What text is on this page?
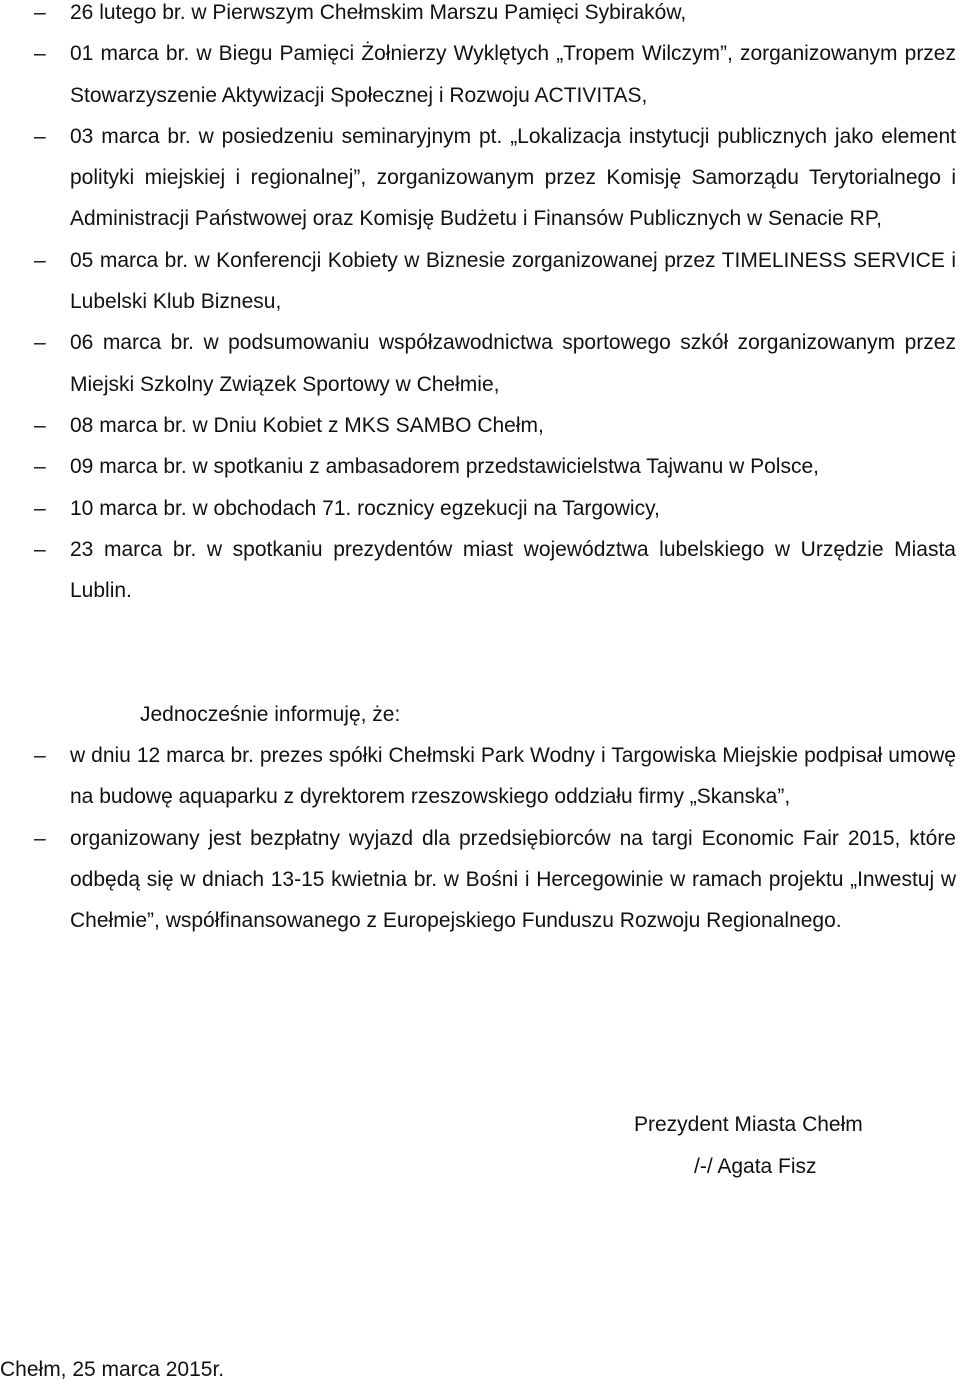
–	26 lutego br. w Pierwszym Chełmskim Marszu Pamięci Sybiraków,
–	01 marca br. w Biegu Pamięci Żołnierzy Wyklętych „Tropem Wilczym”, zorganizowanym przez Stowarzyszenie Aktywizacji Społecznej i Rozwoju ACTIVITAS,
–	03 marca br. w posiedzeniu seminaryjnym pt. „Lokalizacja instytucji publicznych jako element polityki miejskiej i regionalnej”, zorganizowanym przez Komisję Samorządu Terytorialnego i Administracji Państwowej oraz Komisję Budżetu i Finansów Publicznych w Senacie RP,
–	05 marca br. w Konferencji Kobiety w Biznesie zorganizowanej przez TIMELINESS SERVICE i Lubelski Klub Biznesu,
–	06 marca br. w podsumowaniu współzawodnictwa sportowego szkół zorganizowanym przez Miejski Szkolny Związek Sportowy w Chełmie,
–	08 marca br. w Dniu Kobiet z MKS SAMBO Chełm,
–	09 marca br. w spotkaniu z ambasadorem przedstawicielstwa Tajwanu w Polsce,
–	10 marca br. w obchodach 71. rocznicy egzekucji na Targowicy,
–	23 marca br. w spotkaniu prezydentów miast województwa lubelskiego w Urzędzie Miasta Lublin.
Jednocześnie informuję, że:
–	w dniu 12 marca br. prezes spółki Chełmski Park Wodny i Targowiska Miejskie podpisał umowę na budowę aquaparku z dyrektorem rzeszowskiego oddziału firmy „Skanska”,
–	organizowany jest bezpłatny wyjazd dla przedsiębiorców na targi Economic Fair 2015, które odbędą się w dniach 13-15 kwietnia br. w Bośni i Hercegowinie w ramach projektu „Inwestuj w Chełmie”, współfinansowanego z Europejskiego Funduszu Rozwoju Regionalnego.
Prezydent Miasta Chełm
/-/ Agata Fisz
Chełm, 25 marca 2015r.
